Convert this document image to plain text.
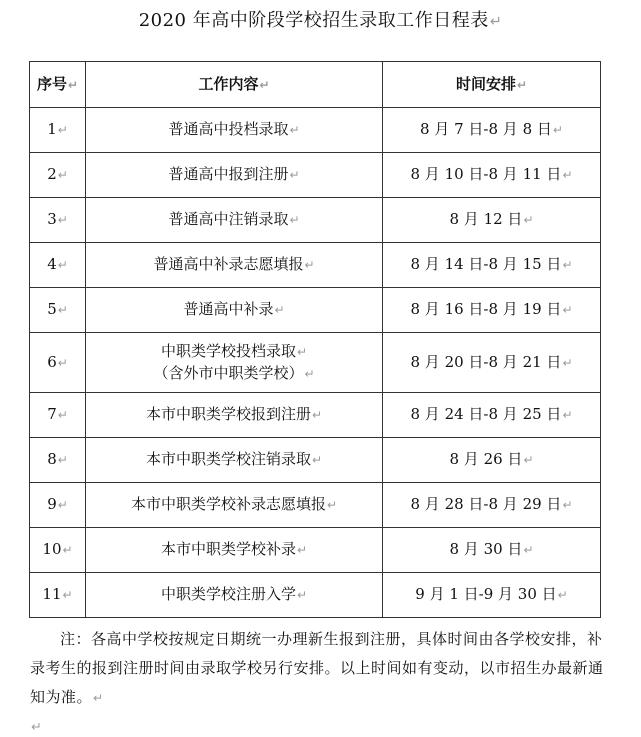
2020 年高中阶段学校招生录取工作日程表↵
序号↵	工作内容↵	时间安排↵
1↵	普通高中投档录取↵	8 月 7 日-8 月 8 日↵
2↵	普通高中报到注册↵	8 月 10 日-8 月 11 日↵
3↵	普通高中注销录取↵	8 月 12 日↵
4↵	普通高中补录志愿填报↵	8 月 14 日-8 月 15 日↵
5↵	普通高中补录↵	8 月 16 日-8 月 19 日↵
6↵	中职类学校投档录取↵
（含外市中职类学校）↵	8 月 20 日-8 月 21 日↵
7↵	本市中职类学校报到注册↵	8 月 24 日-8 月 25 日↵
8↵	本市中职类学校注销录取↵	8 月 26 日↵
9↵	本市中职类学校补录志愿填报↵	8 月 28 日-8 月 29 日↵
10↵	本市中职类学校补录↵	8 月 30 日↵
11↵	中职类学校注册入学↵	9 月 1 日-9 月 30 日↵

注：各高中学校按规定日期统一办理新生报到注册，具体时间由各学校安排，补录考生的报到注册时间由录取学校另行安排。以上时间如有变动，以市招生办最新通知为准。↵

↵
